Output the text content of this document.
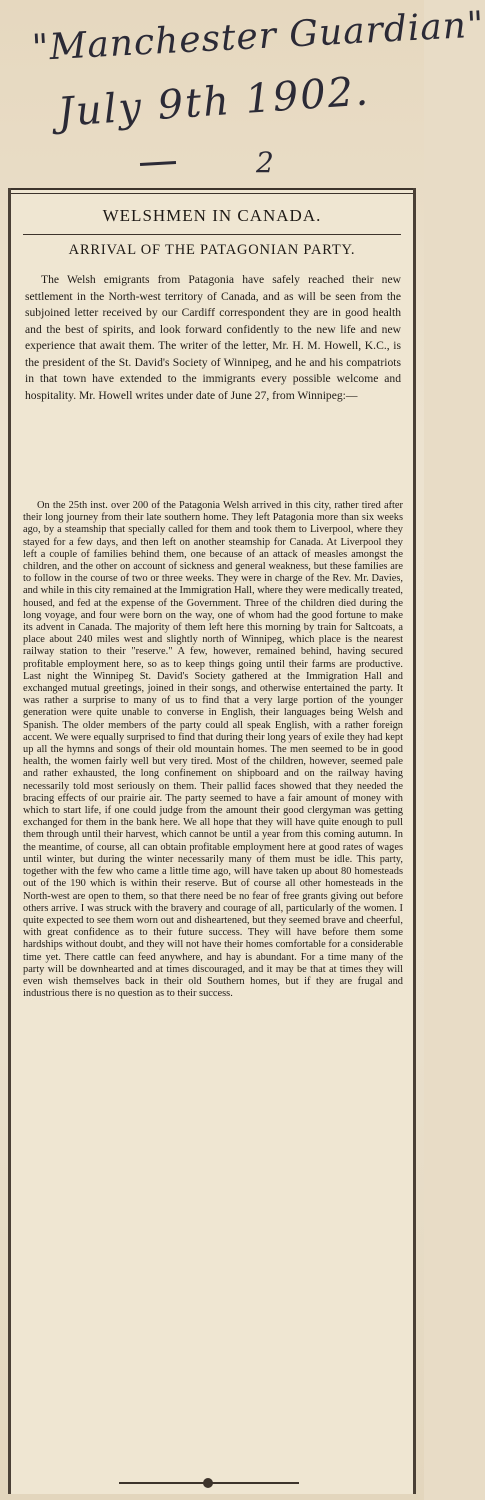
"Manchester Guardian"
July 9th 1902.
2
WELSHMEN IN CANADA.
ARRIVAL OF THE PATAGONIAN PARTY.

The Welsh emigrants from Patagonia have safely reached their new settlement in the North-west territory of Canada, and as will be seen from the subjoined letter received by our Cardiff correspondent they are in good health and the best of spirits, and look forward confidently to the new life and new experience that await them. The writer of the letter, Mr. H. M. Howell, K.C., is the president of the St. David's Society of Winnipeg, and he and his compatriots in that town have extended to the immigrants every possible welcome and hospitality. Mr. Howell writes under date of June 27, from Winnipeg:—

On the 25th inst. over 200 of the Patagonia Welsh arrived in this city, rather tired after their long journey from their late southern home. They left Patagonia more than six weeks ago, by a steamship that specially called for them and took them to Liverpool, where they stayed for a few days, and then left on another steamship for Canada. At Liverpool they left a couple of families behind them, one because of an attack of measles amongst the children, and the other on account of sickness and general weakness, but these families are to follow in the course of two or three weeks. They were in charge of the Rev. Mr. Davies, and while in this city remained at the Immigration Hall, where they were medically treated, housed, and fed at the expense of the Government. Three of the children died during the long voyage, and four were born on the way, one of whom had the good fortune to make its advent in Canada. The majority of them left here this morning by train for Saltcoats, a place about 240 miles west and slightly north of Winnipeg, which place is the nearest railway station to their "reserve." A few, however, remained behind, having secured profitable employment here, so as to keep things going until their farms are productive. Last night the Winnipeg St. David's Society gathered at the Immigration Hall and exchanged mutual greetings, joined in their songs, and otherwise entertained the party. It was rather a surprise to many of us to find that a very large portion of the younger generation were quite unable to converse in English, their languages being Welsh and Spanish. The older members of the party could all speak English, with a rather foreign accent. We were equally surprised to find that during their long years of exile they had kept up all the hymns and songs of their old mountain homes. The men seemed to be in good health, the women fairly well but very tired. Most of the children, however, seemed pale and rather exhausted, the long confinement on shipboard and on the railway having necessarily told most seriously on them. Their pallid faces showed that they needed the bracing effects of our prairie air. The party seemed to have a fair amount of money with which to start life, if one could judge from the amount their good clergyman was getting exchanged for them in the bank here. We all hope that they will have quite enough to pull them through until their harvest, which cannot be until a year from this coming autumn. In the meantime, of course, all can obtain profitable employment here at good rates of wages until winter, but during the winter necessarily many of them must be idle. This party, together with the few who came a little time ago, will have taken up about 80 homesteads out of the 190 which is within their reserve. But of course all other homesteads in the North-west are open to them, so that there need be no fear of free grants giving out before others arrive. I was struck with the bravery and courage of all, particularly of the women. I quite expected to see them worn out and disheartened, but they seemed brave and cheerful, with great confidence as to their future success. They will have before them some hardships without doubt, and they will not have their homes comfortable for a considerable time yet. There cattle can feed anywhere, and hay is abundant. For a time many of the party will be downhearted and at times discouraged, and it may be that at times they will even wish themselves back in their old Southern homes, but if they are frugal and industrious there is no question as to their success.
